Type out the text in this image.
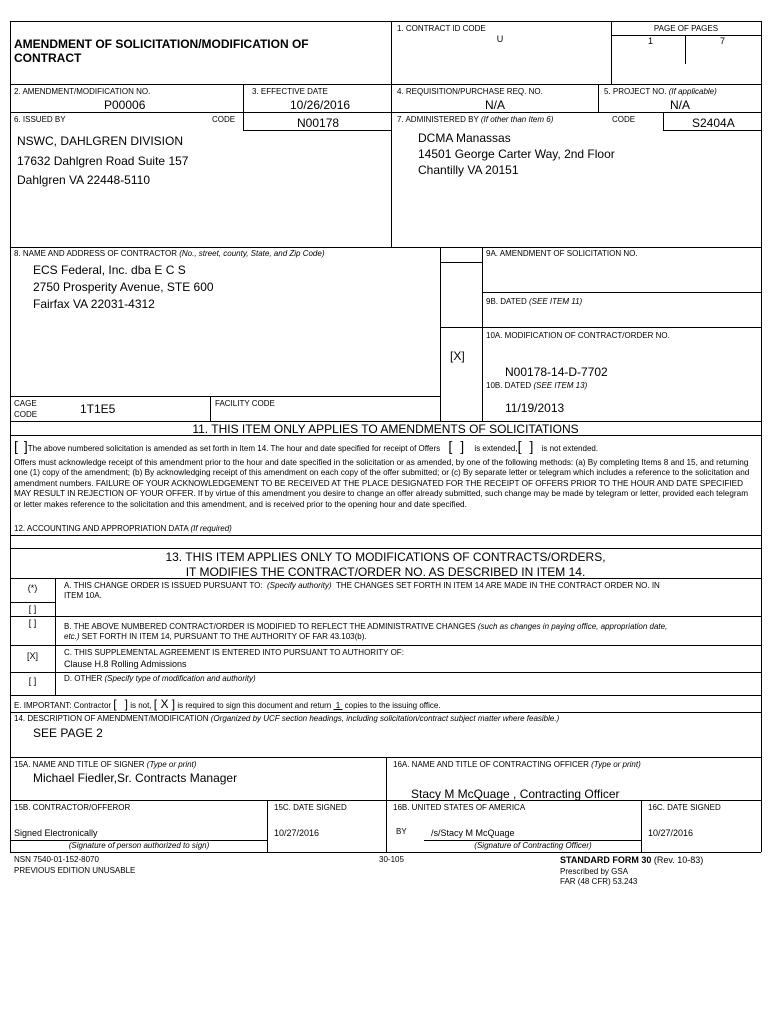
AMENDMENT OF SOLICITATION/MODIFICATION OF
CONTRACT
1. CONTRACT ID CODE
U
PAGE OF PAGES
1	7
2. AMENDMENT/MODIFICATION NO.
P00006
3. EFFECTIVE DATE
10/26/2016
4. REQUISITION/PURCHASE REQ. NO.
N/A
5. PROJECT NO. (If applicable)
N/A
6. ISSUED BY	CODE	N00178
NSWC, DAHLGREN DIVISION
17632 Dahlgren Road Suite 157
Dahlgren VA 22448-5110
7. ADMINISTERED BY (If other than Item 6)	CODE	S2404A
DCMA Manassas
14501 George Carter Way, 2nd Floor
Chantilly VA 20151
8. NAME AND ADDRESS OF CONTRACTOR (No., street, county, State, and Zip Code)
ECS Federal, Inc. dba E C S
2750 Prosperity Avenue, STE 600
Fairfax VA 22031-4312
CAGE
CODE	1T1E5	FACILITY CODE
9A. AMENDMENT OF SOLICITATION NO.
9B. DATED (SEE ITEM 11)
10A. MODIFICATION OF CONTRACT/ORDER NO.
[X]
N00178-14-D-7702
10B. DATED (SEE ITEM 13)
11/19/2013
11. THIS ITEM ONLY APPLIES TO AMENDMENTS OF SOLICITATIONS
[ ]The above numbered solicitation is amended as set forth in Item 14. The hour and date specified for receipt of Offers [ ] is extended,[ ] is not extended.
Offers must acknowledge receipt of this amendment prior to the hour and date specified in the solicitation or as amended, by one of the following methods: (a) By completing Items 8 and 15, and returning one (1) copy of the amendment; (b) By acknowledging receipt of this amendment on each copy of the offer submitted; or (c) By separate letter or telegram which includes a reference to the solicitation and amendment numbers. FAILURE OF YOUR ACKNOWLEDGEMENT TO BE RECEIVED AT THE PLACE DESIGNATED FOR THE RECEIPT OF OFFERS PRIOR TO THE HOUR AND DATE SPECIFIED MAY RESULT IN REJECTION OF YOUR OFFER. If by virtue of this amendment you desire to change an offer already submitted, such change may be made by telegram or letter, provided each telegram or letter makes reference to the solicitation and this amendment, and is received prior to the opening hour and date specified.
12. ACCOUNTING AND APPROPRIATION DATA (If required)
13. THIS ITEM APPLIES ONLY TO MODIFICATIONS OF CONTRACTS/ORDERS,
IT MODIFIES THE CONTRACT/ORDER NO. AS DESCRIBED IN ITEM 14.
(*)	A. THIS CHANGE ORDER IS ISSUED PURSUANT TO: (Specify authority) THE CHANGES SET FORTH IN ITEM 14 ARE MADE IN THE CONTRACT ORDER NO. IN
ITEM 10A.
[ ]
[ ]	B. THE ABOVE NUMBERED CONTRACT/ORDER IS MODIFIED TO REFLECT THE ADMINISTRATIVE CHANGES (such as changes in paying office, appropriation date,
etc.) SET FORTH IN ITEM 14, PURSUANT TO THE AUTHORITY OF FAR 43.103(b).
[X]	C. THIS SUPPLEMENTAL AGREEMENT IS ENTERED INTO PURSUANT TO AUTHORITY OF:
Clause H.8 Rolling Admissions
[ ]	D. OTHER (Specify type of modification and authority)
E. IMPORTANT: Contractor [ ] is not, [ X ] is required to sign this document and return 1 copies to the issuing office.
14. DESCRIPTION OF AMENDMENT/MODIFICATION (Organized by UCF section headings, including solicitation/contract subject matter where feasible.)
SEE PAGE 2
15A. NAME AND TITLE OF SIGNER (Type or print)
Michael Fiedler,Sr. Contracts Manager
16A. NAME AND TITLE OF CONTRACTING OFFICER (Type or print)
Stacy M McQuage , Contracting Officer
15B. CONTRACTOR/OFFEROR
Signed Electronically
(Signature of person authorized to sign)
15C. DATE SIGNED
10/27/2016
16B. UNITED STATES OF AMERICA
BY	/s/Stacy M McQuage
(Signature of Contracting Officer)
16C. DATE SIGNED
10/27/2016
NSN 7540-01-152-8070
PREVIOUS EDITION UNUSABLE
30-105	STANDARD FORM 30 (Rev. 10-83)
Prescribed by GSA
FAR (48 CFR) 53.243
